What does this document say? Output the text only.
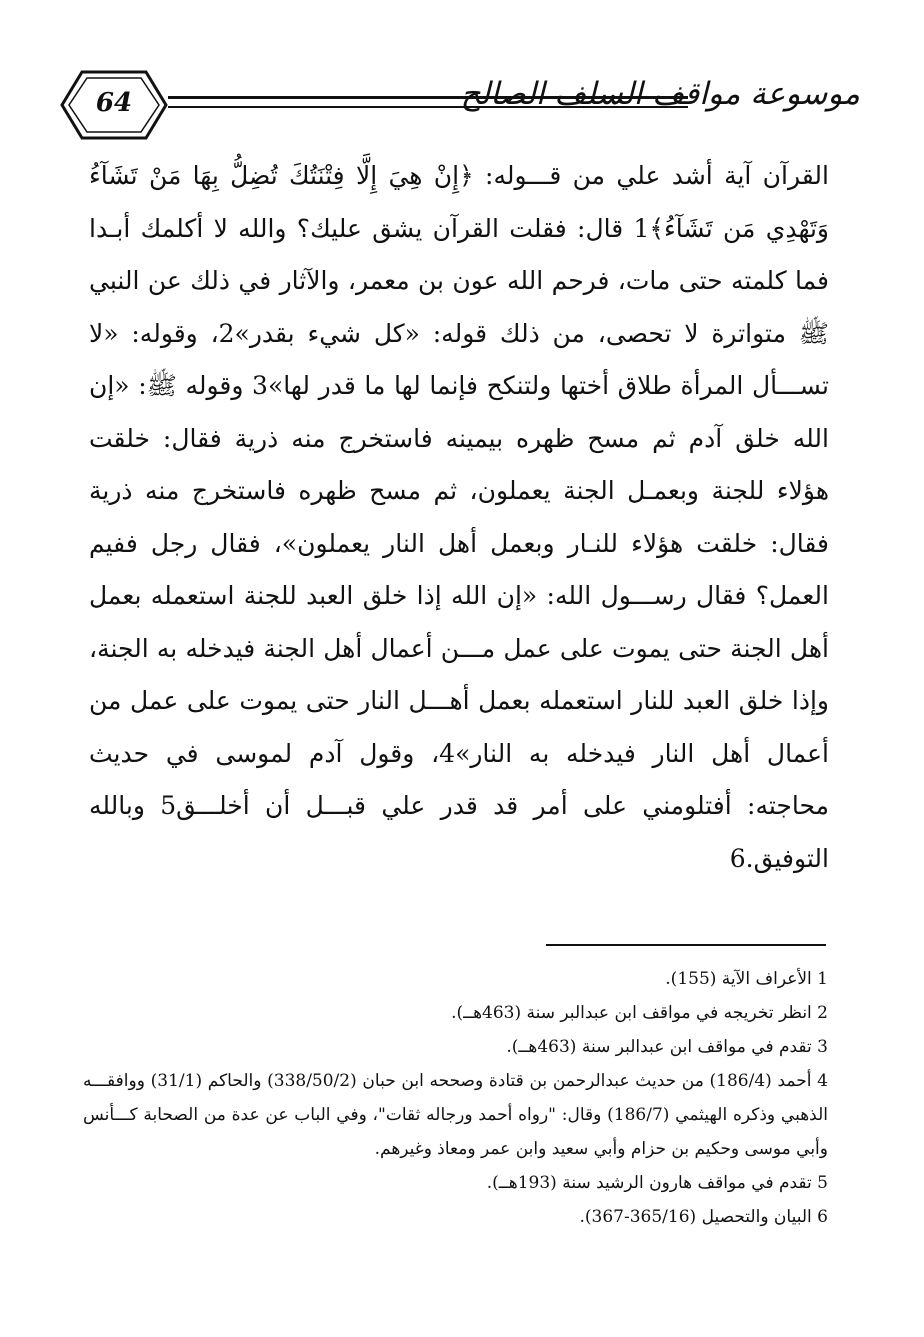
64	موسوعة مواقف السلف الصالح

القرآن آية أشد علي من قـــوله: ﴿إِنْ هِيَ إِلَّا فِتْنَتُكَ تُضِلُّ بِهَا مَنْ تَشَآءُ وَتَهْدِي مَن تَشَآءُ﴾1 قال: فقلت القرآن يشق عليك؟ والله لا أكلمك أبـدا فما كلمته حتى مات، فرحم الله عون بن معمر، والآثار في ذلك عن النبي ﷺ متواترة لا تحصى، من ذلك قوله: «كل شيء بقدر»2، وقوله: «لا تســـأل المرأة طلاق أختها ولتنكح فإنما لها ما قدر لها»3 وقوله ﷺ: «إن الله خلق آدم ثم مسح ظهره بيمينه فاستخرج منه ذرية فقال: خلقت هؤلاء للجنة وبعمـل الجنة يعملون، ثم مسح ظهره فاستخرج منه ذرية فقال: خلقت هؤلاء للنـار وبعمل أهل النار يعملون»، فقال رجل ففيم العمل؟ فقال رســـول الله: «إن الله إذا خلق العبد للجنة استعمله بعمل أهل الجنة حتى يموت على عمل مـــن أعمال أهل الجنة فيدخله به الجنة، وإذا خلق العبد للنار استعمله بعمل أهـــل النار حتى يموت على عمل من أعمال أهل النار فيدخله به النار»4، وقول آدم لموسى في حديث محاجته: أفتلومني على أمر قد قدر علي قبـــل أن أخلـــق5 وبالله التوفيق.6

1 الأعراف الآية (155).

2 انظر تخريجه في مواقف ابن عبدالبر سنة (463هــ).

3 تقدم في مواقف ابن عبدالبر سنة (463هــ).

4 أحمد (186/4) من حديث عبدالرحمن بن قتادة وصححه ابن حبان (338/50/2) والحاكم (31/1) ووافقـــه الذهبي وذكره الهيثمي (186/7) وقال: "رواه أحمد ورجاله ثقات"، وفي الباب عن عدة من الصحابة كـــأنس وأبي موسى وحكيم بن حزام وأبي سعيد وابن عمر ومعاذ وغيرهم.

5 تقدم في مواقف هارون الرشيد سنة (193هــ).

6 البيان والتحصيل (365/16-367).
